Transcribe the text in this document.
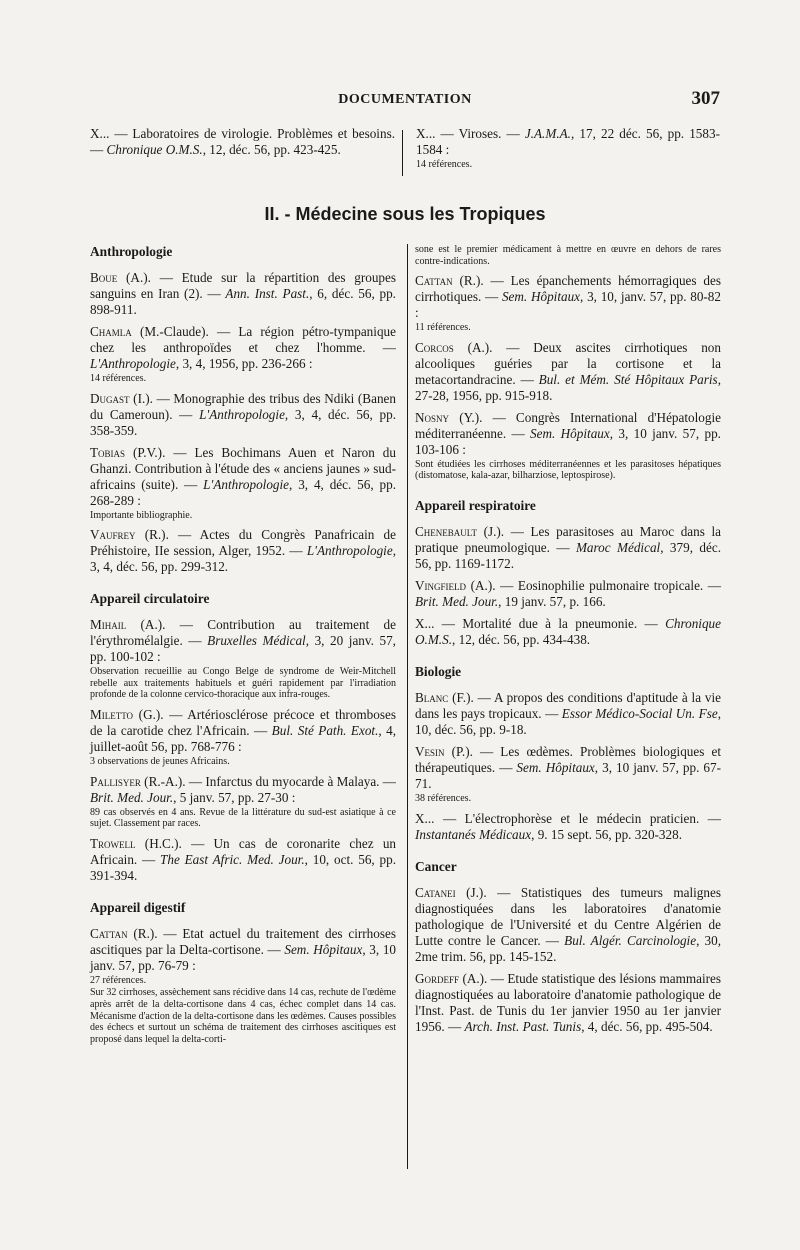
DOCUMENTATION	307
X... — Laboratoires de virologie. Problèmes et besoins. — Chronique O.M.S., 12, déc. 56, pp. 423-425.
X... — Viroses. — J.A.M.A., 17, 22 déc. 56, pp. 1583-1584 :
14 références.
II. - Médecine sous les Tropiques
Anthropologie
Boue (A.). — Etude sur la répartition des groupes sanguins en Iran (2). — Ann. Inst. Past., 6, déc. 56, pp. 898-911.
Chamla (M.-Claude). — La région pétro-tympanique chez les anthropoïdes et chez l'homme. — L'Anthropologie, 3, 4, 1956, pp. 236-266 :
14 références.
Dugast (I.). — Monographie des tribus des Ndiki (Banen du Cameroun). — L'Anthropologie, 3, 4, déc. 56, pp. 358-359.
Tobias (P.V.). — Les Bochimans Auen et Naron du Ghanzi. Contribution à l'étude des « anciens jaunes » sud-africains (suite). — L'Anthropologie, 3, 4, déc. 56, pp. 268-289 :
Importante bibliographie.
Vaufrey (R.). — Actes du Congrès Panafricain de Préhistoire, IIe session, Alger, 1952. — L'Anthropologie, 3, 4, déc. 56, pp. 299-312.
Appareil circulatoire
Mihail (A.). — Contribution au traitement de l'érythromélalgie. — Bruxelles Médical, 3, 20 janv. 57, pp. 100-102 :
Observation recueillie au Congo Belge de syndrome de Weir-Mitchell rebelle aux traitements habituels et guéri rapidement par l'irradiation profonde de la colonne cervico-thoracique aux infra-rouges.
Miletto (G.). — Artériosclérose précoce et thromboses de la carotide chez l'Africain. — Bul. Sté Path. Exot., 4, juillet-août 56, pp. 768-776 :
3 observations de jeunes Africains.
Pallisyer (R.-A.). — Infarctus du myocarde à Malaya. — Brit. Med. Jour., 5 janv. 57, pp. 27-30 :
89 cas observés en 4 ans. Revue de la littérature du sud-est asiatique à ce sujet. Classement par races.
Trowell (H.C.). — Un cas de coronarite chez un Africain. — The East Afric. Med. Jour., 10, oct. 56, pp. 391-394.
Appareil digestif
Cattan (R.). — Etat actuel du traitement des cirrhoses ascitiques par la Delta-cortisone. — Sem. Hôpitaux, 3, 10 janv. 57, pp. 76-79 :
27 références.
Sur 32 cirrhoses, assèchement sans récidive dans 14 cas, rechute de l'œdème après arrêt de la delta-cortisone dans 4 cas, échec complet dans 14 cas. Mécanisme d'action de la delta-cortisone dans les œdèmes. Causes possibles des échecs et surtout un schéma de traitement des cirrhoses ascitiques est proposé dans lequel la delta-corti-
sone est le premier médicament à mettre en œuvre en dehors de rares contre-indications.
Cattan (R.). — Les épanchements hémorragiques des cirrhotiques. — Sem. Hôpitaux, 3, 10, janv. 57, pp. 80-82 :
11 références.
Corcos (A.). — Deux ascites cirrhotiques non alcooliques guéries par la cortisone et la metacortandracine. — Bul. et Mém. Sté Hôpitaux Paris, 27-28, 1956, pp. 915-918.
Nosny (Y.). — Congrès International d'Hépatologie méditerranéenne. — Sem. Hôpitaux, 3, 10 janv. 57, pp. 103-106 :
Sont étudiées les cirrhoses méditerranéennes et les parasitoses hépatiques (distomatose, kala-azar, bilharziose, leptospirose).
Appareil respiratoire
Chenebault (J.). — Les parasitoses au Maroc dans la pratique pneumologique. — Maroc Médical, 379, déc. 56, pp. 1169-1172.
Vingfield (A.). — Eosinophilie pulmonaire tropicale. — Brit. Med. Jour., 19 janv. 57, p. 166.
X... — Mortalité due à la pneumonie. — Chronique O.M.S., 12, déc. 56, pp. 434-438.
Biologie
Blanc (F.). — A propos des conditions d'aptitude à la vie dans les pays tropicaux. — Essor Médico-Social Un. Fse, 10, déc. 56, pp. 9-18.
Vesin (P.). — Les œdèmes. Problèmes biologiques et thérapeutiques. — Sem. Hôpitaux, 3, 10 janv. 57, pp. 67-71.
38 références.
X... — L'électrophorèse et le médecin praticien. — Instantanés Médicaux, 9. 15 sept. 56, pp. 320-328.
Cancer
Catanei (J.). — Statistiques des tumeurs malignes diagnostiquées dans les laboratoires d'anatomie pathologique de l'Université et du Centre Algérien de Lutte contre le Cancer. — Bul. Algér. Carcinologie, 30, 2me trim. 56, pp. 145-152.
Gordeff (A.). — Etude statistique des lésions mammaires diagnostiquées au laboratoire d'anatomie pathologique de l'Inst. Past. de Tunis du 1er janvier 1950 au 1er janvier 1956. — Arch. Inst. Past. Tunis, 4, déc. 56, pp. 495-504.
